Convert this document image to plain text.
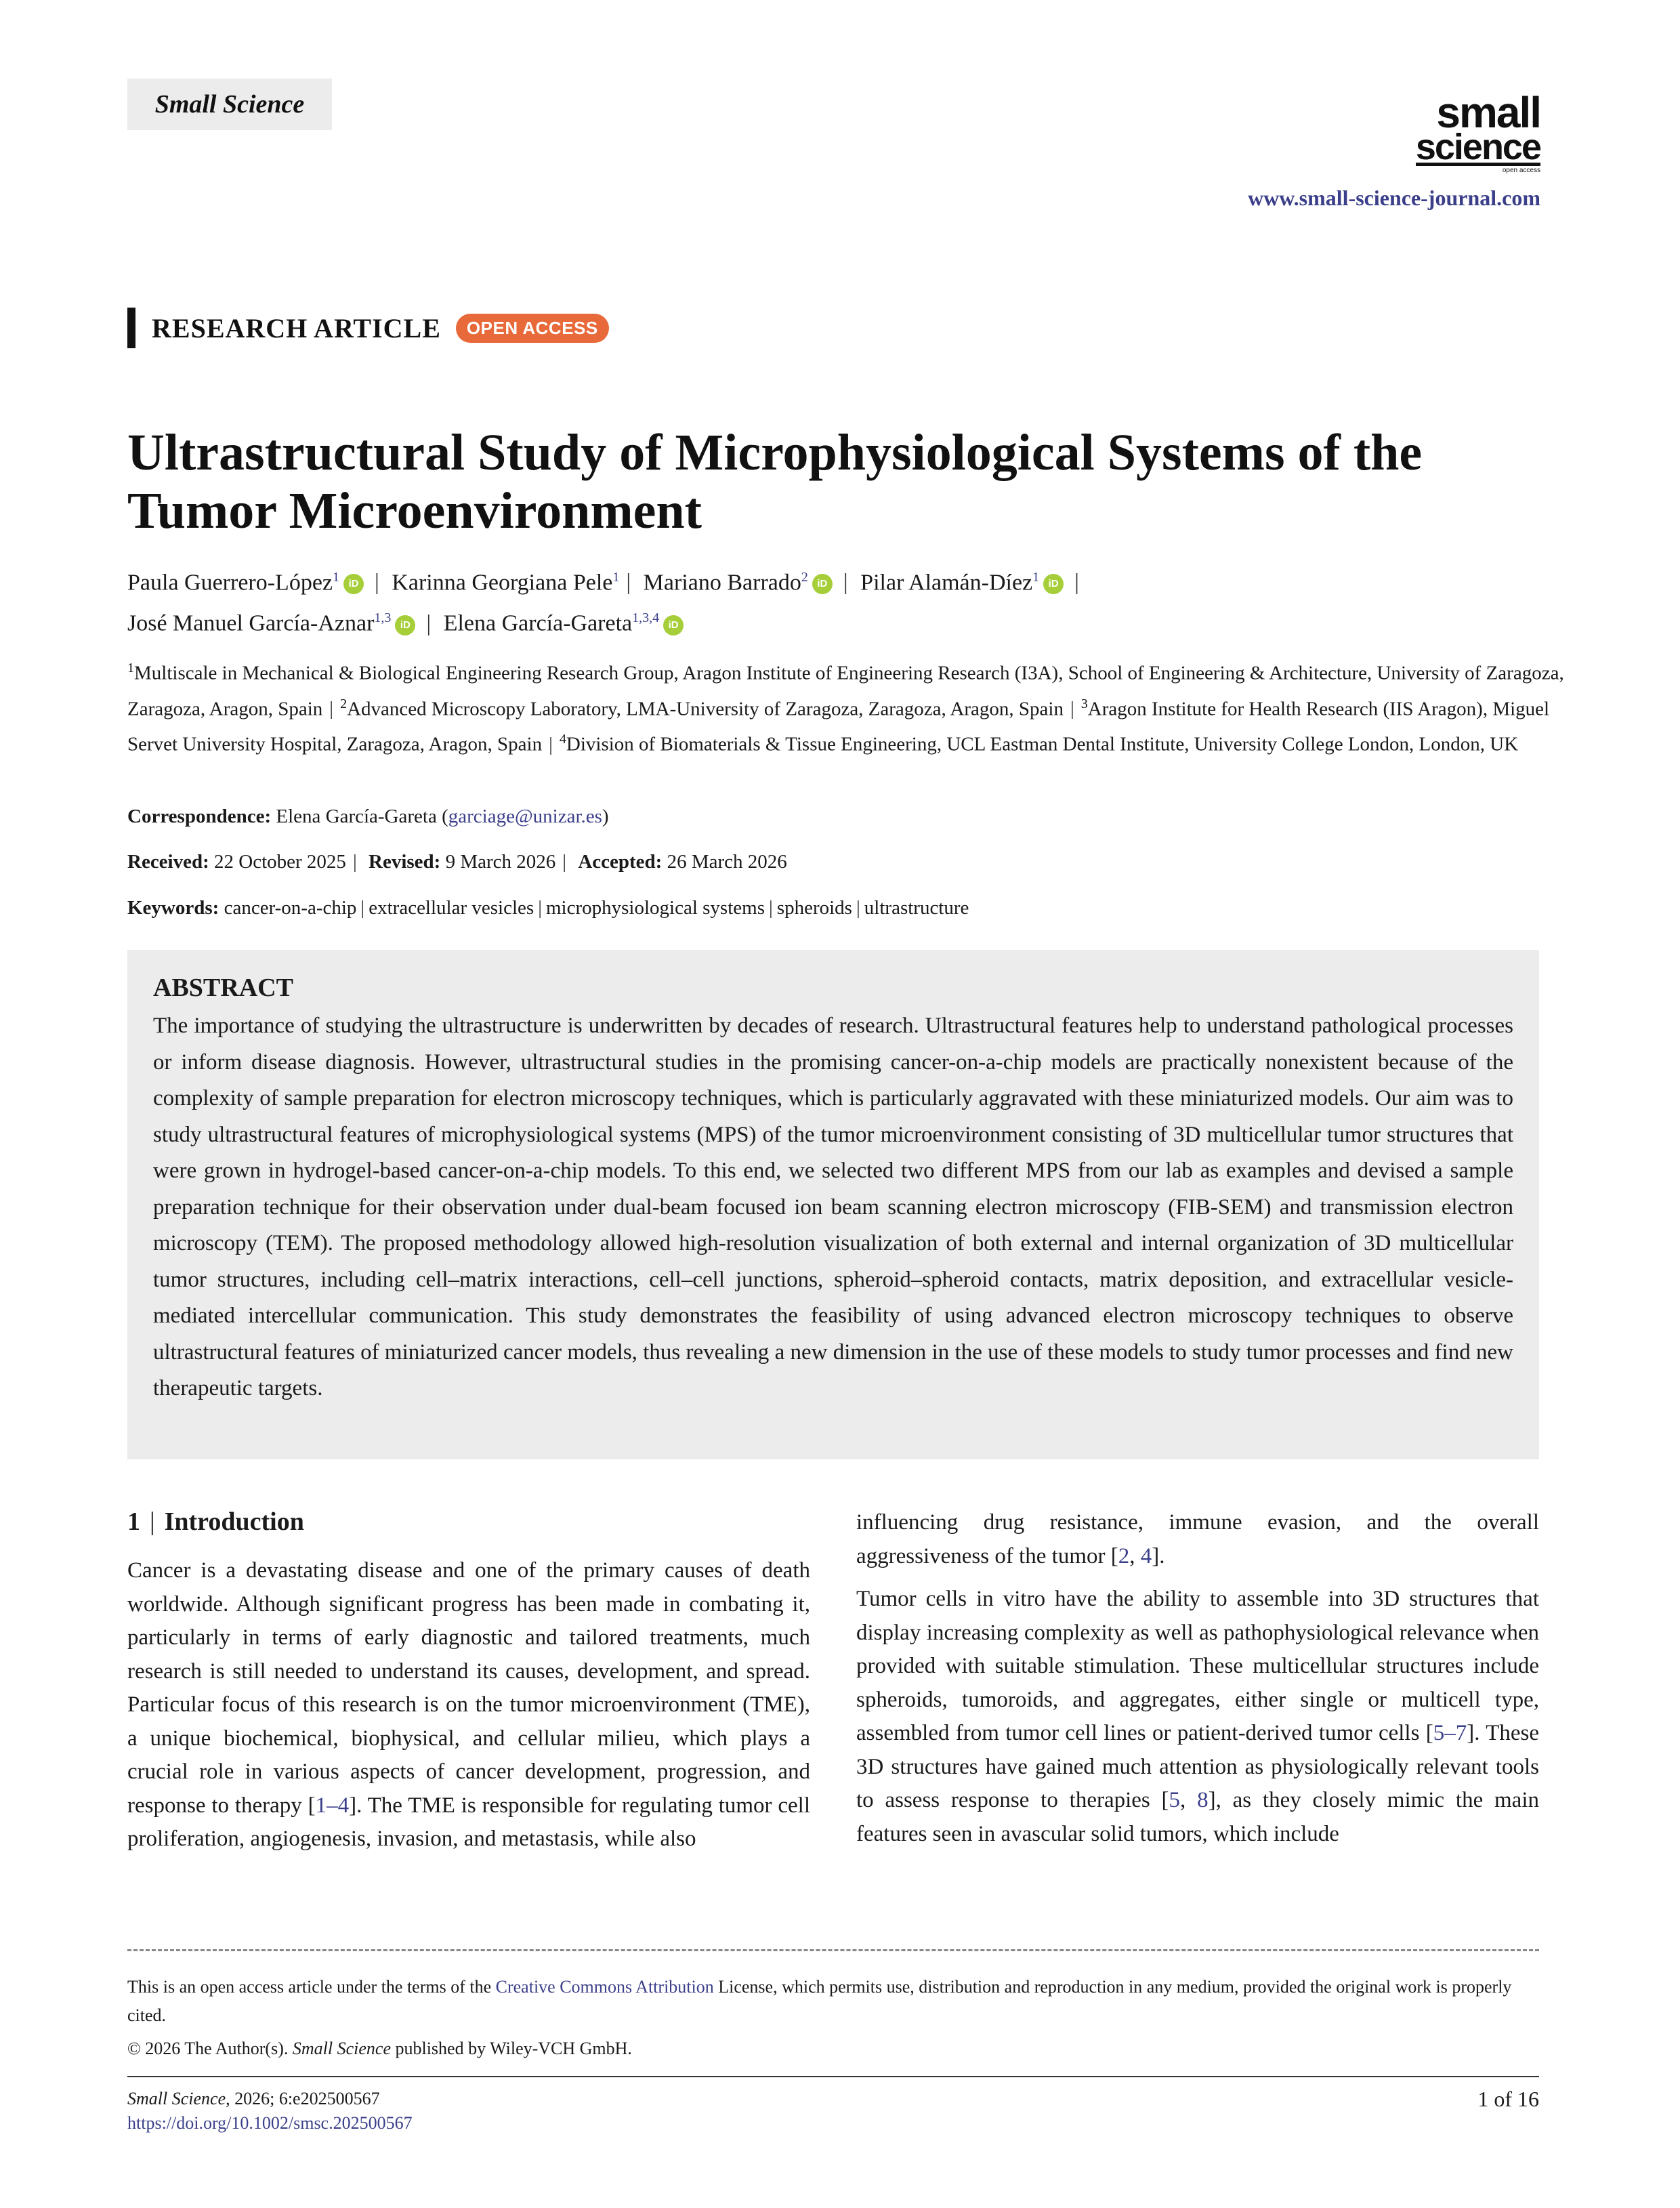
Small Science	small
science
open access
www.small-science-journal.com
RESEARCH ARTICLE	OPEN ACCESS
Ultrastructural Study of Microphysiological Systems of the Tumor Microenvironment
Paula Guerrero-López$^1$ iD | Karinna Georgiana Pele$^1$ | Mariano Barrado$^2$ iD | Pilar Alamán-Díez$^1$ iD |
José Manuel García-Aznar$^{1,3}$ iD | Elena García-Gareta$^{1,3,4}$ iD
$^1$Multiscale in Mechanical & Biological Engineering Research Group, Aragon Institute of Engineering Research (I3A), School of Engineering & Architecture, University of Zaragoza, Zaragoza, Aragon, Spain | $^2$Advanced Microscopy Laboratory, LMA-University of Zaragoza, Zaragoza, Aragon, Spain | $^3$Aragon Institute for Health Research (IIS Aragon), Miguel Servet University Hospital, Zaragoza, Aragon, Spain | $^4$Division of Biomaterials & Tissue Engineering, UCL Eastman Dental Institute, University College London, London, UK
Correspondence: Elena García-Gareta (garciage@unizar.es)
Received: 22 October 2025 | Revised: 9 March 2026 | Accepted: 26 March 2026
Keywords: cancer-on-a-chip | extracellular vesicles | microphysiological systems | spheroids | ultrastructure
ABSTRACT

The importance of studying the ultrastructure is underwritten by decades of research. Ultrastructural features help to understand pathological processes or inform disease diagnosis. However, ultrastructural studies in the promising cancer-on-a-chip models are practically nonexistent because of the complexity of sample preparation for electron microscopy techniques, which is particularly aggravated with these miniaturized models. Our aim was to study ultrastructural features of microphysiological systems (MPS) of the tumor microenvironment consisting of 3D multicellular tumor structures that were grown in hydrogel-based cancer-on-a-chip models. To this end, we selected two different MPS from our lab as examples and devised a sample preparation technique for their observation under dual-beam focused ion beam scanning electron microscopy (FIB-SEM) and transmission electron microscopy (TEM). The proposed methodology allowed high-resolution visualization of both external and internal organization of 3D multicellular tumor structures, including cell–matrix interactions, cell–cell junctions, spheroid–spheroid contacts, matrix deposition, and extracellular vesicle-mediated intercellular communication. This study demonstrates the feasibility of using advanced electron microscopy techniques to observe ultrastructural features of miniaturized cancer models, thus revealing a new dimension in the use of these models to study tumor processes and find new therapeutic targets.

1 | Introduction

Cancer is a devastating disease and one of the primary causes of death worldwide. Although significant progress has been made in combating it, particularly in terms of early diagnostic and tailored treatments, much research is still needed to understand its causes, development, and spread. Particular focus of this research is on the tumor microenvironment (TME), a unique biochemical, biophysical, and cellular milieu, which plays a crucial role in various aspects of cancer development, progression, and response to therapy [1–4]. The TME is responsible for regulating tumor cell proliferation, angiogenesis, invasion, and metastasis, while also

influencing drug resistance, immune evasion, and the overall aggressiveness of the tumor [2, 4].

Tumor cells in vitro have the ability to assemble into 3D structures that display increasing complexity as well as pathophysiological relevance when provided with suitable stimulation. These multicellular structures include spheroids, tumoroids, and aggregates, either single or multicell type, assembled from tumor cell lines or patient-derived tumor cells [5–7]. These 3D structures have gained much attention as physiologically relevant tools to assess response to therapies [5, 8], as they closely mimic the main features seen in avascular solid tumors, which include

This is an open access article under the terms of the Creative Commons Attribution License, which permits use, distribution and reproduction in any medium, provided the original work is properly cited.
© 2026 The Author(s). Small Science published by Wiley-VCH GmbH.
Small Science, 2026; 6:e202500567
https://doi.org/10.1002/smsc.202500567
1 of 16
